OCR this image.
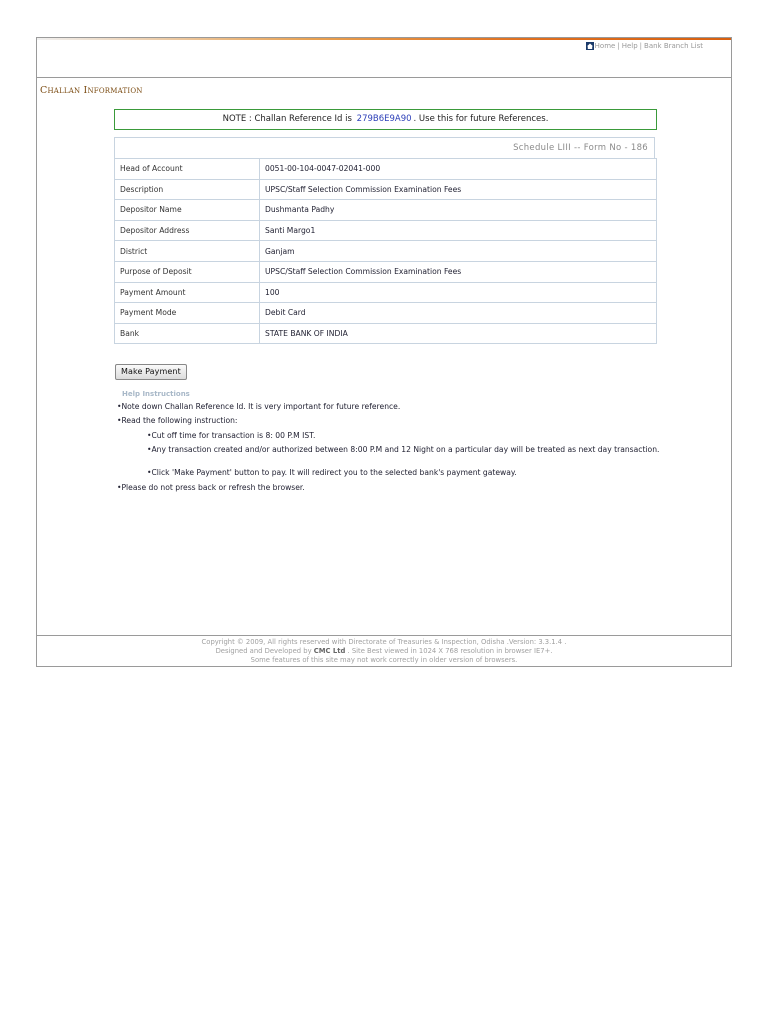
Home | Help | Bank Branch List
Challan Information
NOTE : Challan Reference Id is 279B6E9A90 . Use this for future References.
Schedule LIII -- Form No - 186
Head of Account	0051-00-104-0047-02041-000
Description	UPSC/Staff Selection Commission Examination Fees
Depositor Name	Dushmanta Padhy
Depositor Address	Santi Margo1
District	Ganjam
Purpose of Deposit	UPSC/Staff Selection Commission Examination Fees
Payment Amount	100
Payment Mode	Debit Card
Bank	STATE BANK OF INDIA
Make Payment
Help Instructions
•Note down Challan Reference Id. It is very important for future reference.
•Read the following instruction:
•Cut off time for transaction is 8: 00 P.M IST.
•Any transaction created and/or authorized between 8:00 P.M and 12 Night on a particular day will be treated as next day transaction.
•Click 'Make Payment' button to pay. It will redirect you to the selected bank's payment gateway.
•Please do not press back or refresh the browser.
Copyright © 2009, All rights reserved with Directorate of Treasuries & Inspection, Odisha .Version: 3.3.1.4 .
Designed and Developed by CMC Ltd . Site Best viewed in 1024 X 768 resolution in browser IE7+.
Some features of this site may not work correctly in older version of browsers.
